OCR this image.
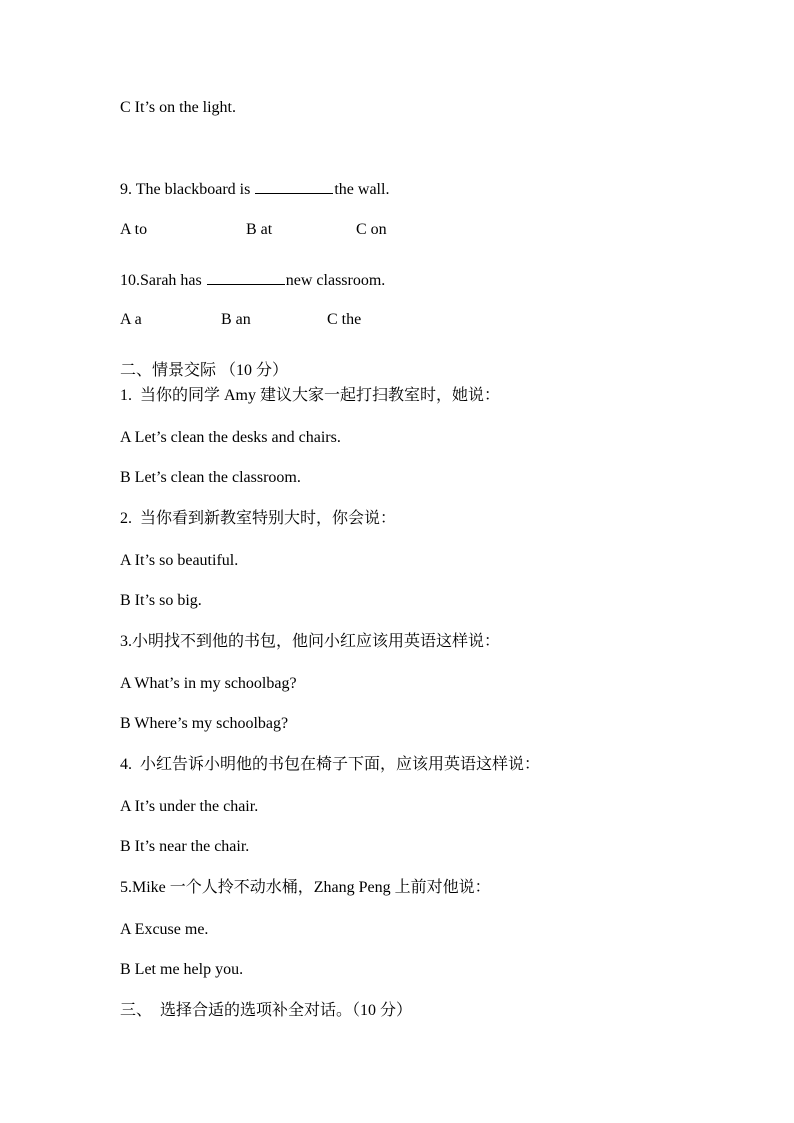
C It’s on the light.

9. The blackboard is	the wall.

A to	B at	C on

10.Sarah has	new classroom.

A a	B an	C the

二、情景交际 （10 分）

1.  当你的同学 Amy 建议大家一起打扫教室时，她说：

A Let’s clean the desks and chairs.

B Let’s clean the classroom.

2.  当你看到新教室特别大时，你会说：

A It’s so beautiful.

B It’s so big.

3.小明找不到他的书包，他问小红应该用英语这样说：

A What’s in my schoolbag?

B Where’s my schoolbag?

4.  小红告诉小明他的书包在椅子下面，应该用英语这样说：

A It’s under the chair.

B It’s near the chair.

5.Mike 一个人拎不动水桶，Zhang Peng 上前对他说：

A Excuse me.

B Let me help you.

三、  选择合适的选项补全对话。（10 分）
